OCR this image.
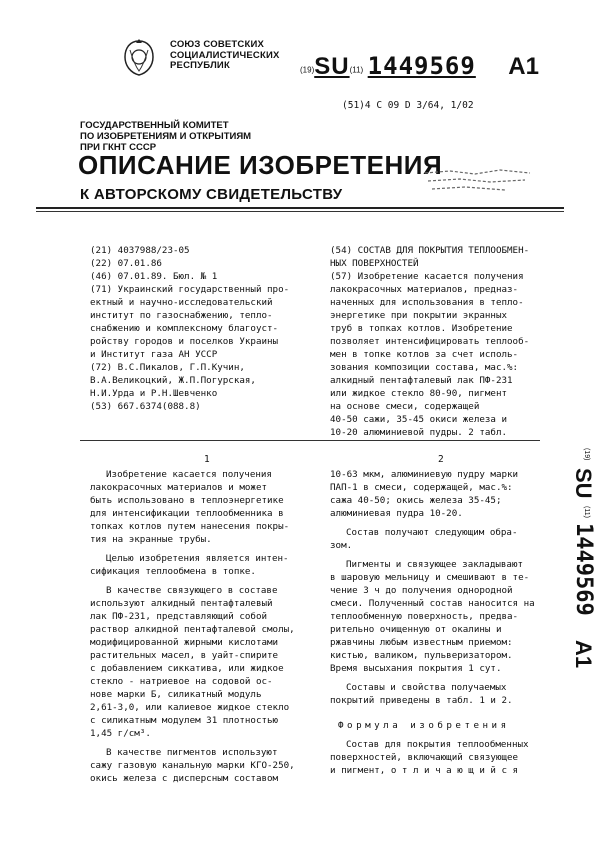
СОЮЗ СОВЕТСКИХ
СОЦИАЛИСТИЧЕСКИХ
РЕСПУБЛИК	(19)SU(11) 1449569 A1
(51)4 С 09 D 3/64, 1/02
ГОСУДАРСТВЕННЫЙ КОМИТЕТ
ПО ИЗОБРЕТЕНИЯМ И ОТКРЫТИЯМ
ПРИ ГКНТ СССР
ОПИСАНИЕ ИЗОБРЕТЕНИЯ
К АВТОРСКОМУ СВИДЕТЕЛЬСТВУ
(21) 4037988/23-05
(22) 07.01.86
(46) 07.01.89. Бюл. № 1
(71) Украинский государственный про-
ектный и научно-исследовательский
институт по газоснабжению, тепло-
снабжению и комплексному благоуст-
ройству городов и поселков Украины
и Институт газа АН УССР
(72) В.С.Пикалов, Г.П.Кучин,
В.А.Великоцкий, Ж.П.Погурская,
Н.И.Урда и Р.Н.Шевченко
(53) 667.6374(088.8)
(54) СОСТАВ ДЛЯ ПОКРЫТИЯ ТЕПЛООБМЕН-
НЫХ ПОВЕРХНОСТЕЙ
(57) Изобретение касается получения
лакокрасочных материалов, предназ-
наченных для использования в тепло-
энергетике при покрытии экранных
труб в топках котлов. Изобретение
позволяет интенсифицировать теплооб-
мен в топке котлов за счет исполь-
зования композиции состава, мас.%:
алкидный пентафталевый лак ПФ-231
или жидкое стекло 80-90, пигмент
на основе смеси, содержащей
40-50 сажи, 35-45 окиси железа и
10-20 алюминиевой пудры. 2 табл.
1	2
Изобретение касается получения
лакокрасочных материалов и может
быть использовано в теплоэнергетике
для интенсификации теплообменника в
топках котлов путем нанесения покры-
тия на экранные трубы.
Целью изобретения является интен-
сификация теплообмена в топке.
В качестве связующего в составе
используют алкидный пентафталевый
лак ПФ-231, представляющий собой
раствор алкидной пентафталевой смолы,
модифицированной жирными кислотами
растительных масел, в уайт-спирите
с добавлением сиккатива, или жидкое
стекло - натриевое на содовой ос-
нове марки Б, силикатный модуль
2,61-3,0, или калиевое жидкое стекло
с силикатным модулем 31 плотностью
1,45 г/см³.
В качестве пигментов используют
сажу газовую канальную марки КГО-250,
окись железа с дисперсным составом
10-63 мкм, алюминиевую пудру марки
ПАП-1 в смеси, содержащей, мас.%:
сажа 40-50; окись железа 35-45;
алюминиевая пудра 10-20.
Состав получают следующим обра-
зом.
Пигменты и связующее закладывают
в шаровую мельницу и смешивают в те-
чение 3 ч до получения однородной
смеси. Полученный состав наносится на
теплообменную поверхность, предва-
рительно очищенную от окалины и
ржавчины любым известным приемом:
кистью, валиком, пульверизатором.
Время высыхания покрытия 1 сут.
Составы и свойства получаемых
покрытий приведены в табл. 1 и 2.
Формула изобретения
Состав для покрытия теплообменных
поверхностей, включающий связующее
и пигмент, о т л и ч а ю щ и й с я
(19)
SU
(11)
1449569
A1
